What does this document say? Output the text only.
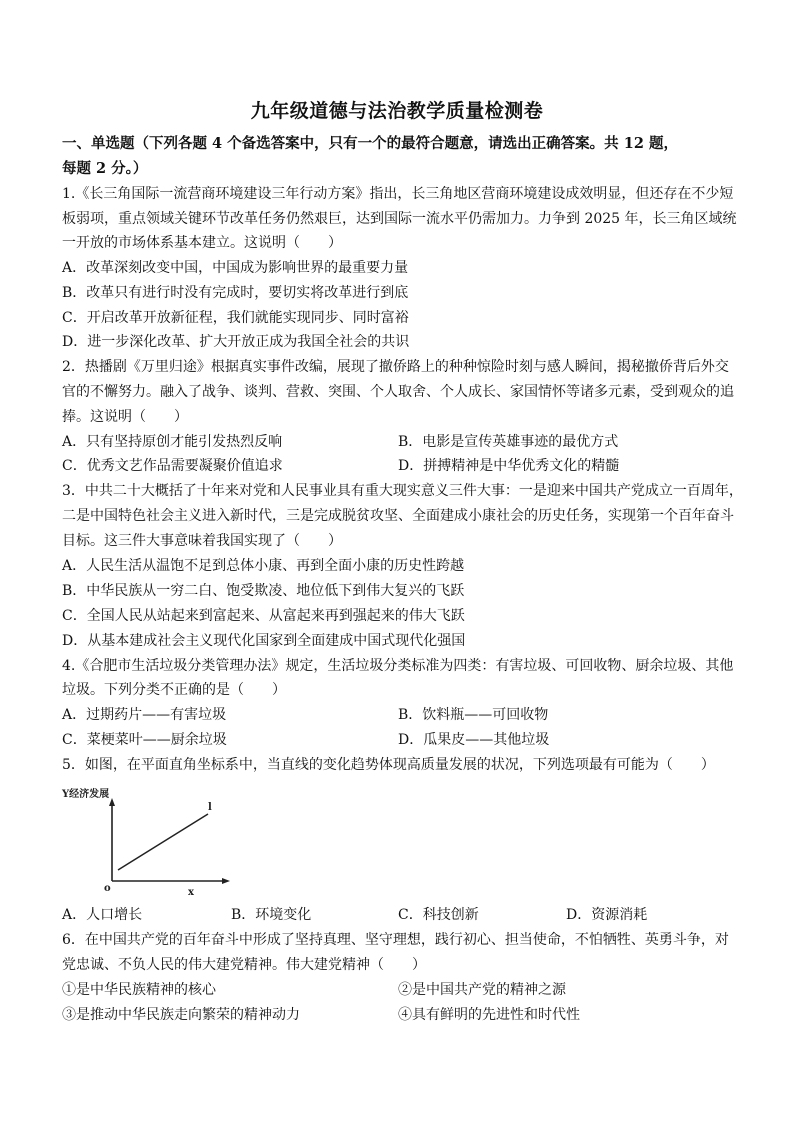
九年级道德与法治教学质量检测卷
一、单选题（下列各题 4 个备选答案中，只有一个的最符合题意，请选出正确答案。共 12 题，
每题 2 分。）
1.《长三角国际一流营商环境建设三年行动方案》指出，长三角地区营商环境建设成效明显，但还存在不少短
板弱项，重点领域关键环节改革任务仍然艰巨，达到国际一流水平仍需加力。力争到 2025 年，长三角区域统
一开放的市场体系基本建立。这说明（　　）
A．改革深刻改变中国，中国成为影响世界的最重要力量
B．改革只有进行时没有完成时，要切实将改革进行到底
C．开启改革开放新征程，我们就能实现同步、同时富裕
D．进一步深化改革、扩大开放正成为我国全社会的共识
2．热播剧《万里归途》根据真实事件改编，展现了撤侨路上的种种惊险时刻与感人瞬间，揭秘撤侨背后外交
官的不懈努力。融入了战争、谈判、营救、突围、个人取舍、个人成长、家国情怀等诸多元素，受到观众的追
捧。这说明（　　）
A．只有坚持原创才能引发热烈反响	B．电影是宣传英雄事迹的最优方式
C．优秀文艺作品需要凝聚价值追求	D．拼搏精神是中华优秀文化的精髓
3．中共二十大概括了十年来对党和人民事业具有重大现实意义三件大事：一是迎来中国共产党成立一百周年，
二是中国特色社会主义进入新时代，三是完成脱贫攻坚、全面建成小康社会的历史任务，实现第一个百年奋斗
目标。这三件大事意味着我国实现了（　　）
A．人民生活从温饱不足到总体小康、再到全面小康的历史性跨越
B．中华民族从一穷二白、饱受欺凌、地位低下到伟大复兴的飞跃
C．全国人民从站起来到富起来、从富起来再到强起来的伟大飞跃
D．从基本建成社会主义现代化国家到全面建成中国式现代化强国
4.《合肥市生活垃圾分类管理办法》规定，生活垃圾分类标准为四类：有害垃圾、可回收物、厨余垃圾、其他
垃圾。下列分类不正确的是（　　）
A．过期药片——有害垃圾	B．饮料瓶——可回收物
C．菜梗菜叶——厨余垃圾	D．瓜果皮——其他垃圾
5．如图，在平面直角坐标系中，当直线的变化趋势体现高质量发展的状况，下列选项最有可能为（　　）
Y经济发展
l
o	x
A．人口增长	B．环境变化	C．科技创新	D．资源消耗
6．在中国共产党的百年奋斗中形成了坚持真理、坚守理想，践行初心、担当使命，不怕牺牲、英勇斗争，对
党忠诚、不负人民的伟大建党精神。伟大建党精神（　　）
①是中华民族精神的核心	②是中国共产党的精神之源
③是推动中华民族走向繁荣的精神动力	④具有鲜明的先进性和时代性
